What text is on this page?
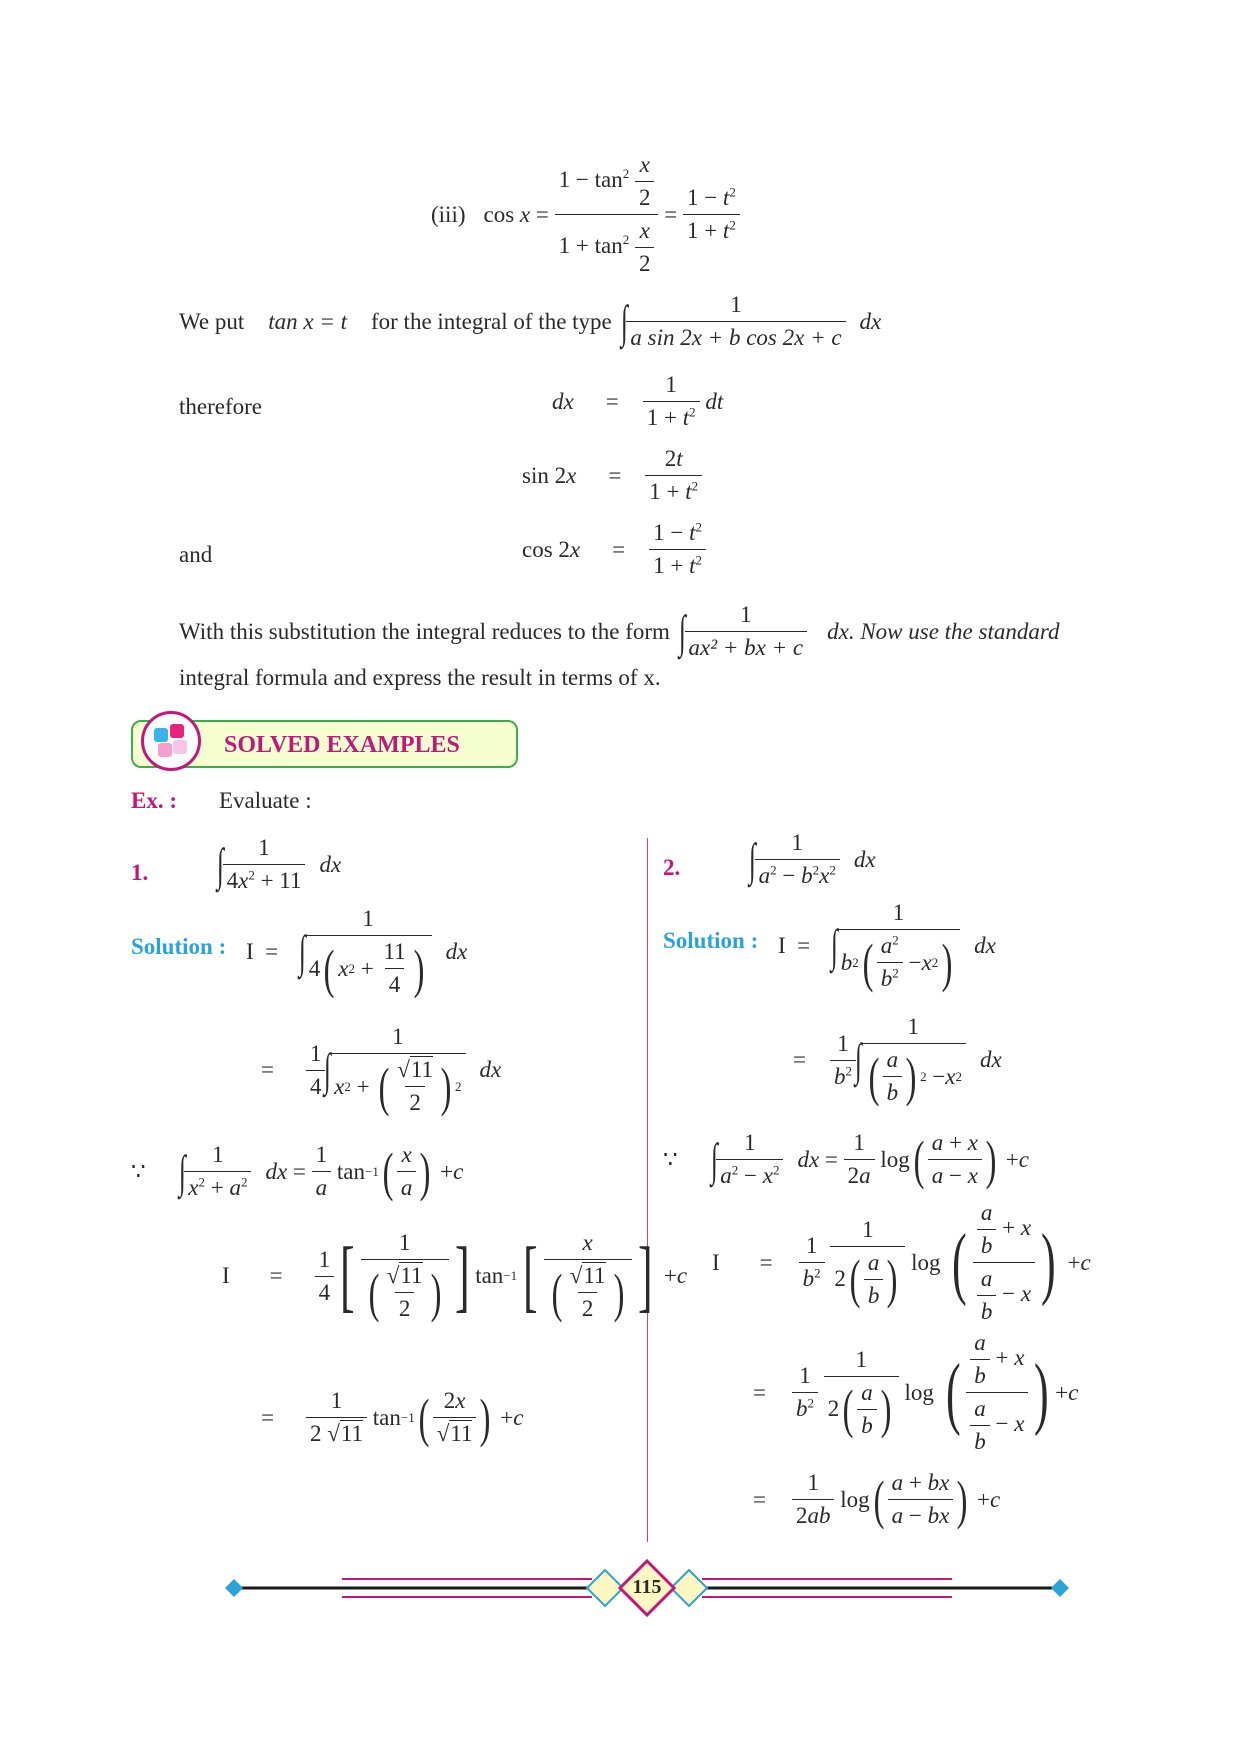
(iii) cos
$x = \frac{1 - \tan^2 \frac{x}{2}}{1 + \tan^2 \frac{x}{2}} = \frac{1 - t^2}{1 + t^2}$
We put tan x = t for the integral of the type ∫
$\frac{1}{\text{a sin 2x + b cos 2x + c}}$ dx
therefore	dx = $\frac{1}{1 + t^2}$
dt
$\sin 2x = \frac{2t}{1 + t^2}$
and	$\cos 2x = \frac{1 - t^2}{1 + t^2}$
With this substitution the integral reduces to the form ∫
$\frac{1}{\text{ax² + bx + c}}$ dx. Now use the standard
integral formula and express the result in terms of x.
SOLVED EXAMPLES
Ex. : Evaluate :
1. ∫
$\frac{1}{4x^2 + 11}$ dx
Solution : I  = ∫
$\frac{1}{4 ( x 2 + \frac{11}{4} )}$ dx
= $\frac{1}{4}$
∫
$\frac{1}{x 2 + ( \frac{√11}{2} ) 2}$ dx
∵ ∫
$\frac{1}{x^2 + a^2}$ dx = $\frac{1}{a}$ tan −1 ( $\frac{x}{a}$ ) + c
$I = \frac{1}{4}$ [ $\frac{1}{( \frac{√11}{2} )}$ ] tan −1 [ $\frac{x}{( \frac{√11}{2} )}$ ] + c
= $\frac{1}{2 √11}$ tan −1 ( $\frac{2x}{√11}$ ) + c
2. ∫
$\frac{1}{a^2 - b^2x^2}$ dx
Solution : I  = ∫
$\frac{1}{b 2 ( \frac{a^2}{b^2} - x 2 )}$ dx
= $\frac{1}{b^2}$
∫
$\frac{1}{( \frac{a}{b} ) 2 - x 2}$ dx
∵ ∫
$\frac{1}{a^2 - x^2}$ dx = $\frac{1}{2a}$ log ( $\frac{a + x}{a - x}$ ) + c
$I = \frac{1}{b^2}$
$\frac{1}{2 ( \frac{a}{b} )}$ log ( $\frac{\frac{a}{b} + x}{\frac{a}{b} - x}$ ) + c
= $\frac{1}{b^2}$
$\frac{1}{2 ( \frac{a}{b} )}$ log ( $\frac{\frac{a}{b} + x}{\frac{a}{b} - x}$ ) + c
= $\frac{1}{2ab}$ log ( $\frac{a + bx}{a - bx}$ ) + c
115
